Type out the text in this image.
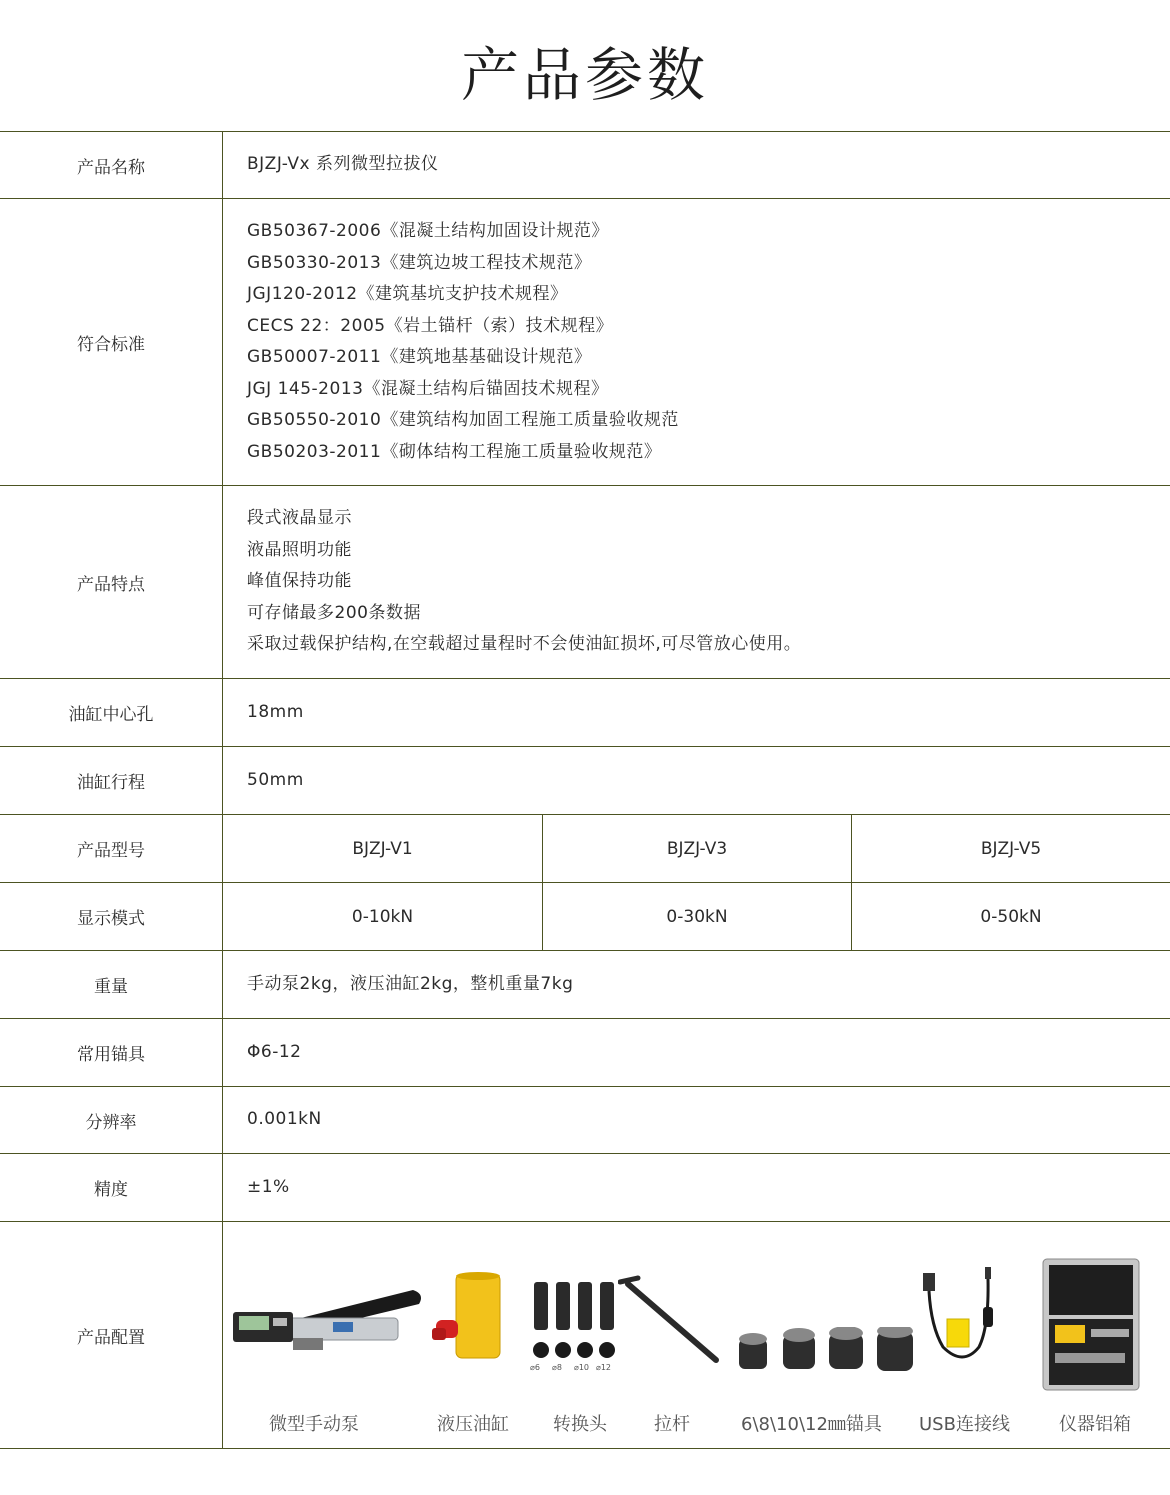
产品参数
产品名称	BJZJ-Vx 系列微型拉拔仪
符合标准
GB50367-2006《混凝土结构加固设计规范》
GB50330-2013《建筑边坡工程技术规范》
JGJ120-2012《建筑基坑支护技术规程》
CECS 22：2005《岩土锚杆（索）技术规程》
GB50007-2011《建筑地基基础设计规范》
JGJ 145-2013《混凝土结构后锚固技术规程》
GB50550-2010《建筑结构加固工程施工质量验收规范
GB50203-2011《砌体结构工程施工质量验收规范》
产品特点
段式液晶显示
液晶照明功能
峰值保持功能
可存储最多200条数据
采取过载保护结构,在空载超过量程时不会使油缸损坏,可尽管放心使用。
油缸中心孔	18mm
油缸行程	50mm
产品型号	BJZJ-V1	BJZJ-V3	BJZJ-V5
显示模式	0-10kN	0-30kN	0-50kN
重量	手动泵2kg，液压油缸2kg，整机重量7kg
常用锚具	Φ6-12
分辨率	0.001kN
精度	±1%
产品配置
微型手动泵	液压油缸
⌀6 ⌀8 ⌀10 ⌀12
转换头	拉杆	6\8\10\12㎜锚具 USB连接线	仪器铝箱
